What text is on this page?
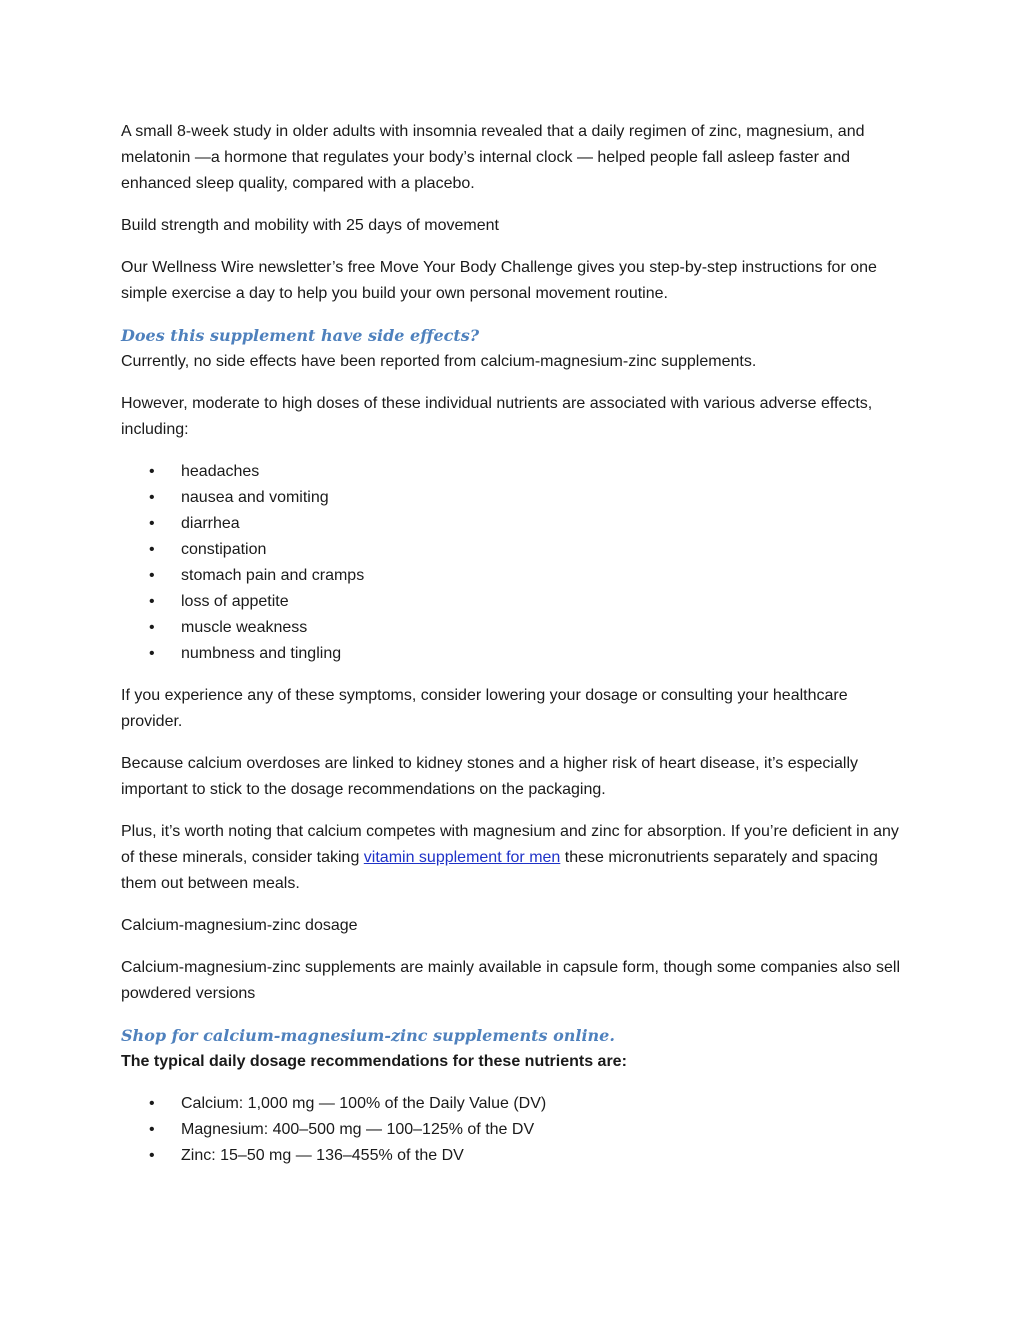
A small 8-week study in older adults with insomnia revealed that a daily regimen of zinc, magnesium, and melatonin —a hormone that regulates your body’s internal clock — helped people fall asleep faster and enhanced sleep quality, compared with a placebo.

Build strength and mobility with 25 days of movement

Our Wellness Wire newsletter’s free Move Your Body Challenge gives you step-by-step instructions for one simple exercise a day to help you build your own personal movement routine.

Does this supplement have side effects?

Currently, no side effects have been reported from calcium-magnesium-zinc supplements.

However, moderate to high doses of these individual nutrients are associated with various adverse effects, including:

• headaches
• nausea and vomiting
• diarrhea
• constipation
• stomach pain and cramps
• loss of appetite
• muscle weakness
• numbness and tingling

If you experience any of these symptoms, consider lowering your dosage or consulting your healthcare provider.

Because calcium overdoses are linked to kidney stones and a higher risk of heart disease, it’s especially important to stick to the dosage recommendations on the packaging.

Plus, it’s worth noting that calcium competes with magnesium and zinc for absorption. If you’re deficient in any of these minerals, consider taking vitamin supplement for men these micronutrients separately and spacing them out between meals.

Calcium-magnesium-zinc dosage

Calcium-magnesium-zinc supplements are mainly available in capsule form, though some companies also sell powdered versions

Shop for calcium-magnesium-zinc supplements online.

The typical daily dosage recommendations for these nutrients are:

• Calcium: 1,000 mg — 100% of the Daily Value (DV)
• Magnesium: 400–500 mg — 100–125% of the DV
• Zinc: 15–50 mg — 136–455% of the DV
